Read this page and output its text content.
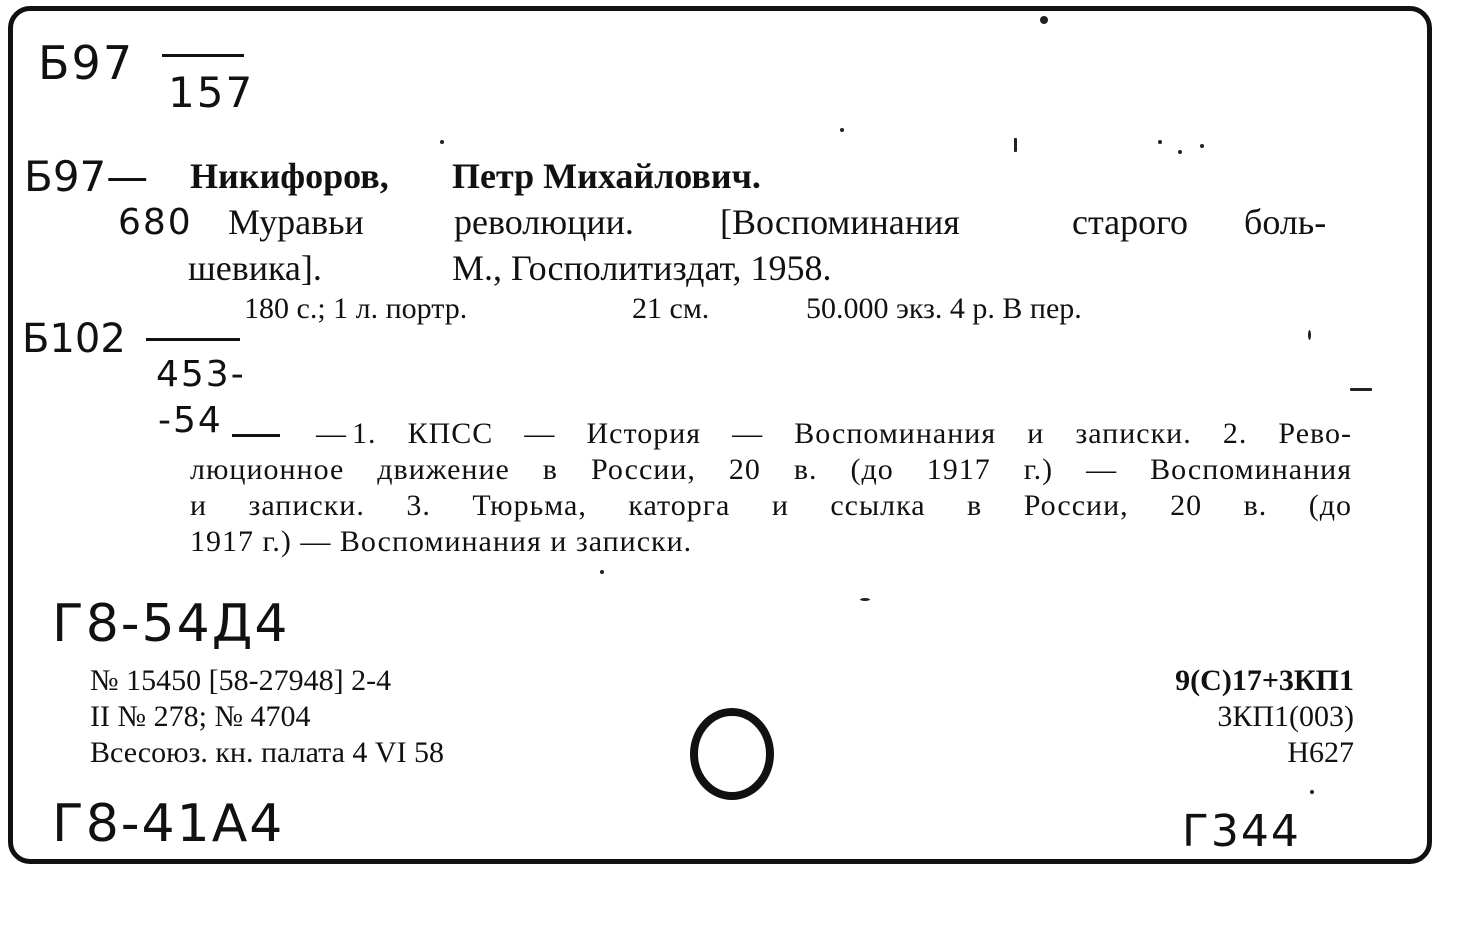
Б97
157
Б97— Никифоров, Петр Михайлович.
680 Муравьи	революции. [Воспоминания	старого боль-
шевика].	М., Госполитиздат, 1958.
180 с.; 1 л. портр.	21 см.	50.000 экз. 4 р. В пер.
Б102
453-
-54	— 1. КПСС — История — Воспоминания и записки. 2. Рево-
люционное движение в России, 20 в. (до 1917 г.) — Воспоминания
и записки. 3. Тюрьма, каторга и ссылка в России, 20 в. (до
1917 г.) — Воспоминания и записки.
Г8-54Д4
№ 15450 [58-27948] 2-4
II № 278; № 4704
Всесоюз. кн. палата 4 VI 58
9(С)17+3КП1
3КП1(003)
Н627
Г8-41А4	Г344
